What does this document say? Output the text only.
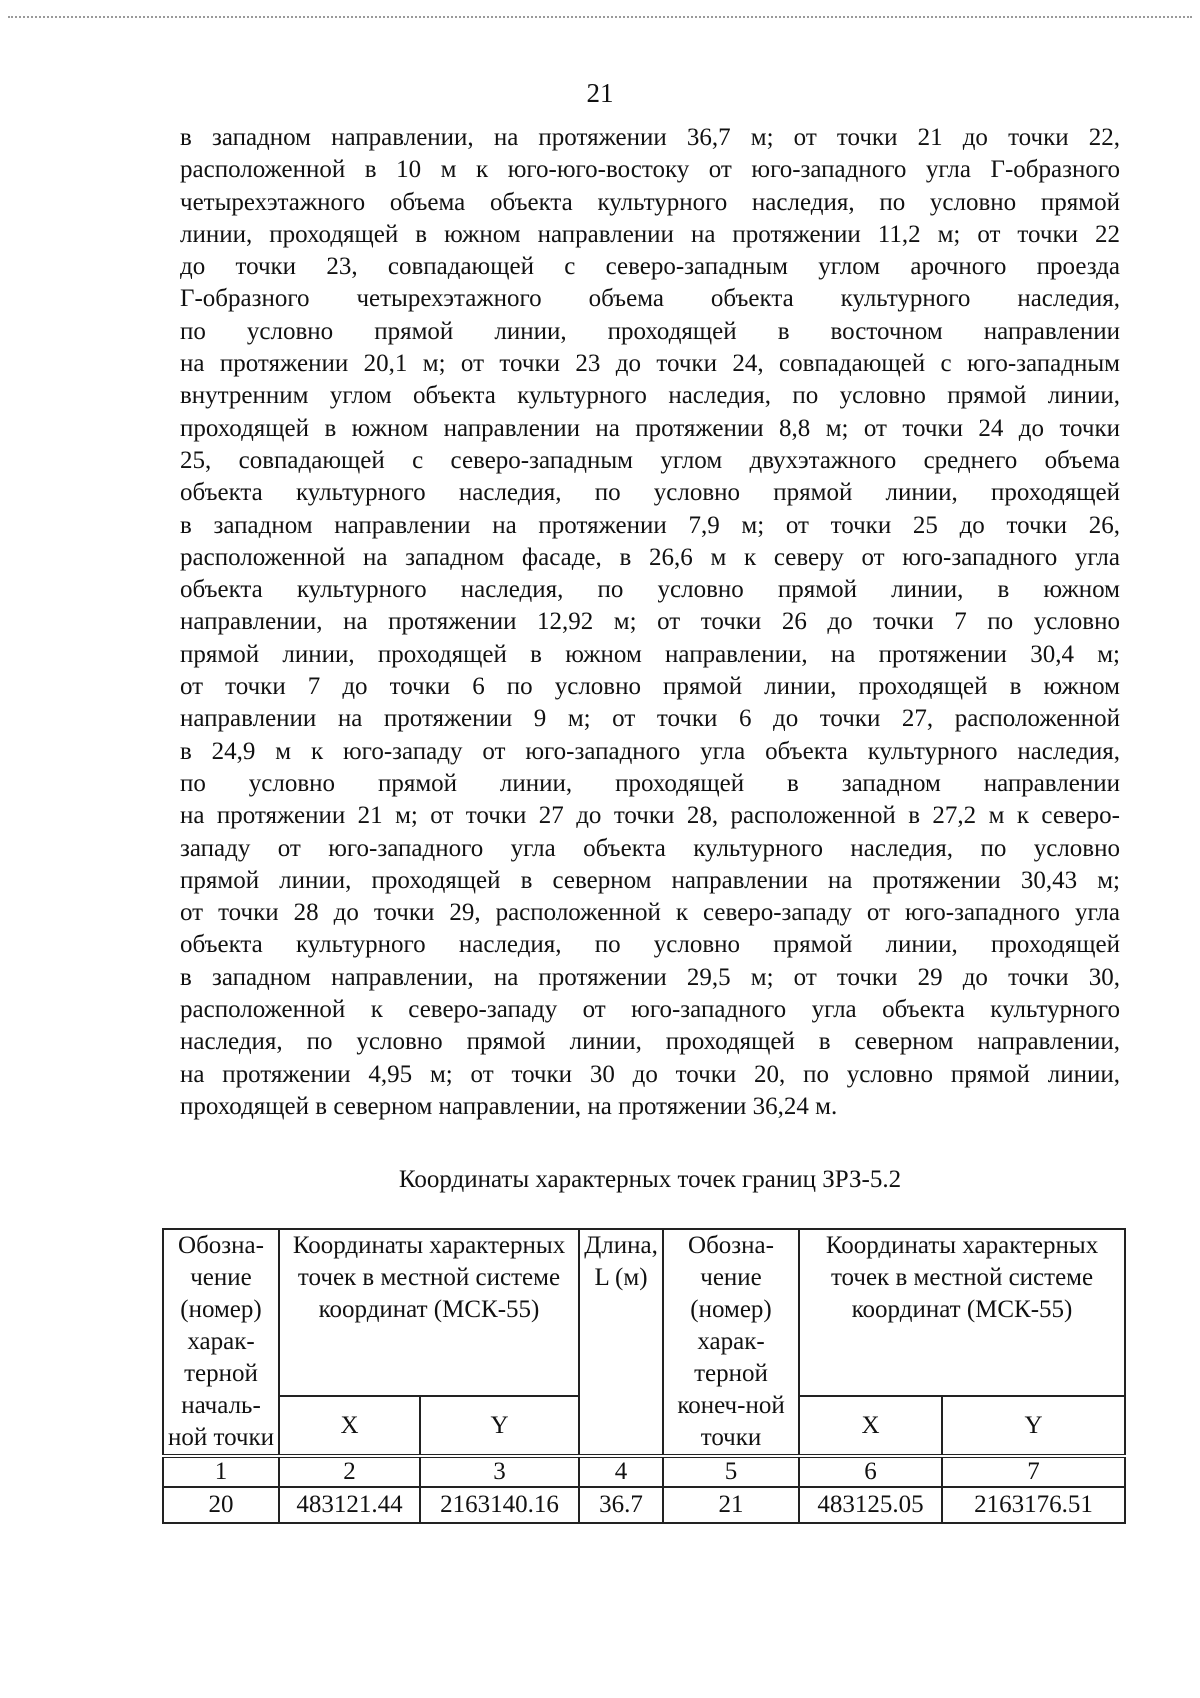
21
в западном направлении, на протяжении 36,7 м; от точки 21 до точки 22,
расположенной в 10 м к юго-юго-востоку от юго-западного угла Г-образного
четырехэтажного объема объекта культурного наследия, по условно прямой
линии, проходящей в южном направлении на протяжении 11,2 м; от точки 22
до точки 23, совпадающей с северо-западным углом арочного проезда
Г-образного четырехэтажного объема объекта культурного наследия,
по условно прямой линии, проходящей в восточном направлении
на протяжении 20,1 м; от точки 23 до точки 24, совпадающей с юго-западным
внутренним углом объекта культурного наследия, по условно прямой линии,
проходящей в южном направлении на протяжении 8,8 м; от точки 24 до точки
25, совпадающей с северо-западным углом двухэтажного среднего объема
объекта культурного наследия, по условно прямой линии, проходящей
в западном направлении на протяжении 7,9 м; от точки 25 до точки 26,
расположенной на западном фасаде, в 26,6 м к северу от юго-западного угла
объекта культурного наследия, по условно прямой линии, в южном
направлении, на протяжении 12,92 м; от точки 26 до точки 7 по условно
прямой линии, проходящей в южном направлении, на протяжении 30,4 м;
от точки 7 до точки 6 по условно прямой линии, проходящей в южном
направлении на протяжении 9 м; от точки 6 до точки 27, расположенной
в 24,9 м к юго-западу от юго-западного угла объекта культурного наследия,
по условно прямой линии, проходящей в западном направлении
на протяжении 21 м; от точки 27 до точки 28, расположенной в 27,2 м к северо-
западу от юго-западного угла объекта культурного наследия, по условно
прямой линии, проходящей в северном направлении на протяжении 30,43 м;
от точки 28 до точки 29, расположенной к северо-западу от юго-западного угла
объекта культурного наследия, по условно прямой линии, проходящей
в западном направлении, на протяжении 29,5 м; от точки 29 до точки 30,
расположенной к северо-западу от юго-западного угла объекта культурного
наследия, по условно прямой линии, проходящей в северном направлении,
на протяжении 4,95 м; от точки 30 до точки 20, по условно прямой линии,
проходящей в северном направлении, на протяжении 36,24 м.
Координаты характерных точек границ ЗРЗ-5.2
Обозна-чение (номер) харак-терной началь-ной точки	Координаты характерных точек в местной системе координат (МСК-55)		Длина, L (м)	Обозна-чение (номер) харак-терной конеч-ной точки	Координаты характерных точек в местной системе координат (МСК-55)	
	X	Y			X	Y
1	2	3	4	5	6	7
20	483121.44	2163140.16	36.7	21	483125.05	2163176.51
